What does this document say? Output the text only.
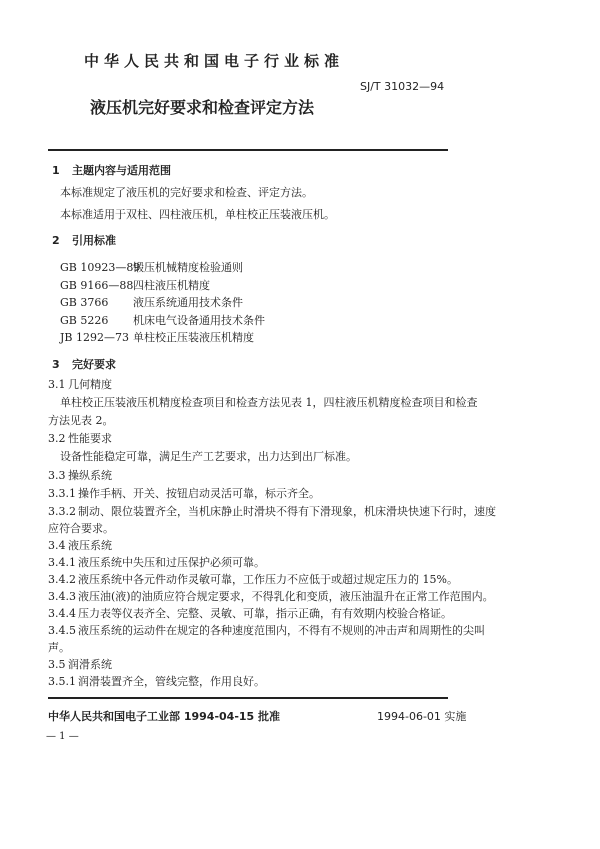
中华人民共和国电子行业标准
SJ/T 31032—94
液压机完好要求和检查评定方法
1 主题内容与适用范围
本标准规定了液压机的完好要求和检查、评定方法。
本标准适用于双柱、四柱液压机，单柱校正压装液压机。
2 引用标准
GB 10923—89锻压机械精度检验通则
GB 9166—88四柱液压机精度
GB 3766 液压系统通用技术条件
GB 5226 机床电气设备通用技术条件
JB 1292—73 单柱校正压装液压机精度
3 完好要求
3.1 几何精度
单柱校正压装液压机精度检查项目和检查方法见表 1，四柱液压机精度检查项目和检查
方法见表 2。
3.2 性能要求
设备性能稳定可靠，满足生产工艺要求，出力达到出厂标准。
3.3 操纵系统
3.3.1 操作手柄、开关、按钮启动灵活可靠，标示齐全。
3.3.2 制动、限位装置齐全，当机床静止时滑块不得有下滑现象，机床滑块快速下行时，速度
应符合要求。
3.4 液压系统
3.4.1 液压系统中失压和过压保护必须可靠。
3.4.2 液压系统中各元件动作灵敏可靠，工作压力不应低于或超过规定压力的 15%。
3.4.3 液压油(液)的油质应符合规定要求，不得乳化和变质，液压油温升在正常工作范围内。
3.4.4 压力表等仪表齐全、完整、灵敏、可靠，指示正确，有有效期内校验合格证。
3.4.5 液压系统的运动件在规定的各种速度范围内，不得有不规则的冲击声和周期性的尖叫
声。
3.5 润滑系统
3.5.1 润滑装置齐全，管线完整，作用良好。
中华人民共和国电子工业部 1994-04-15 批准	1994-06-01 实施
— 1 —
